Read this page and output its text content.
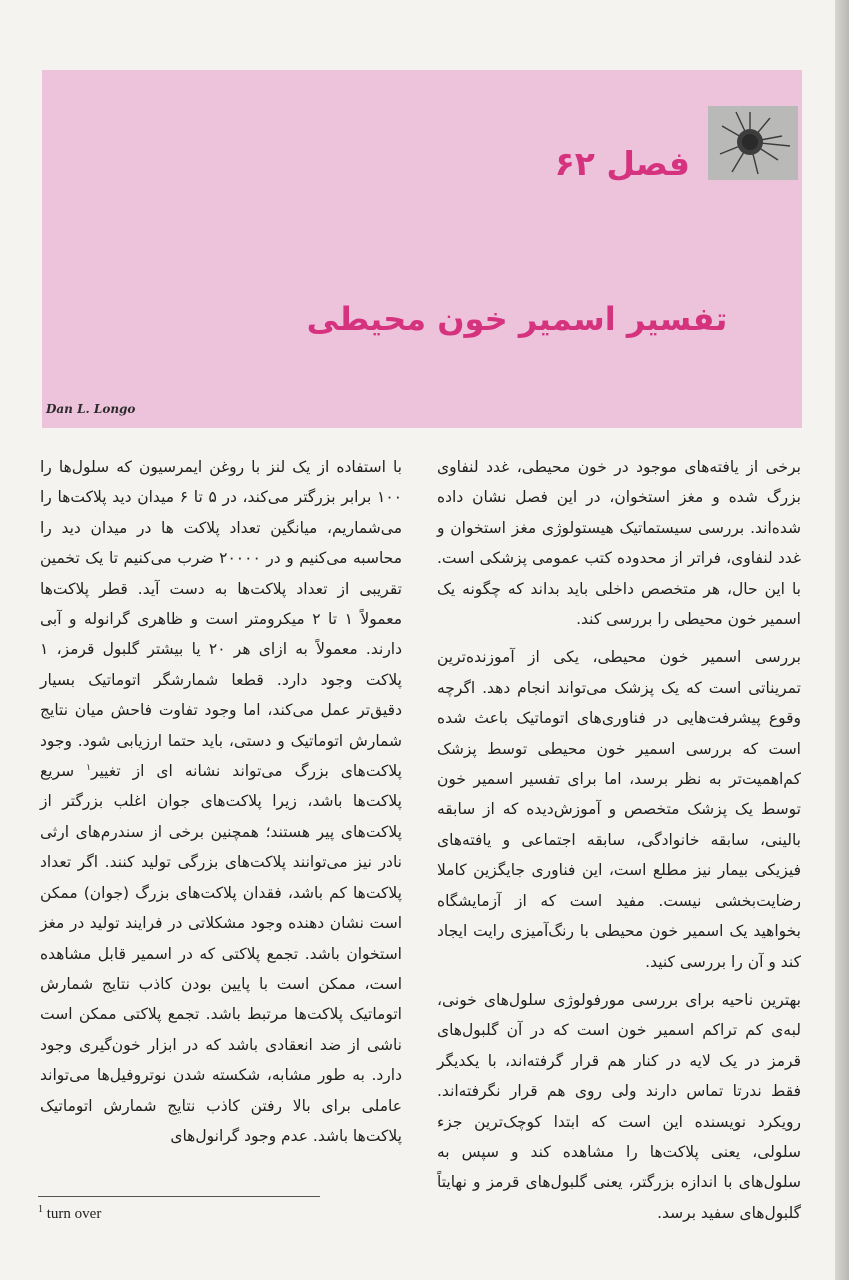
فصل ۶۲
تفسیر اسمیر خون محیطی
Dan L. Longo

برخی از یافته‌های موجود در خون محیطی، غدد لنفاوی بزرگ شده و مغز استخوان، در این فصل نشان داده شده‌اند. بررسی سیستماتیک هیستولوژی مغز استخوان و غدد لنفاوی، فراتر از محدوده کتب عمومی پزشکی است. با این حال، هر متخصص داخلی باید بداند که چگونه یک اسمیر خون محیطی را بررسی کند.

بررسی اسمیر خون محیطی، یکی از آموزنده‌ترین تمریناتی است که یک پزشک می‌تواند انجام دهد. اگرچه وقوع پیشرفت‌هایی در فناوری‌های اتوماتیک باعث شده است که بررسی اسمیر خون محیطی توسط پزشک کم‌اهمیت‌تر به نظر برسد، اما برای تفسیر اسمیر خون توسط یک پزشک متخصص و آموزش‌دیده که از سابقه بالینی، سابقه خانوادگی، سابقه اجتماعی و یافته‌های فیزیکی بیمار نیز مطلع است، این فناوری جایگزین کاملا رضایت‌بخشی نیست. مفید است که از آزمایشگاه بخواهید یک اسمیر خون محیطی با رنگ‌آمیزی رایت ایجاد کند و آن را بررسی کنید.

بهترین ناحیه برای بررسی مورفولوژی سلول‌های خونی، لبه‌ی کم تراکم اسمیر خون است که در آن گلبول‌های قرمز در یک لایه در کنار هم قرار گرفته‌اند، با یکدیگر فقط ندرتا تماس دارند ولی روی هم قرار نگرفته‌اند. رویکرد نویسنده این است که ابتدا کوچک‌ترین جزء سلولی، یعنی پلاکت‌ها را مشاهده کند و سپس به سلول‌های با اندازه بزرگتر، یعنی گلبول‌های قرمز و نهایتاً گلبول‌های سفید برسد.

با استفاده از یک لنز با روغن ایمرسیون که سلول‌ها را ۱۰۰ برابر بزرگتر می‌کند، در ۵ تا ۶ میدان دید پلاکت‌ها را می‌شماریم، میانگین تعداد پلاکت ها در میدان دید را محاسبه می‌کنیم و در ۲۰۰۰۰ ضرب می‌کنیم تا یک تخمین تقریبی از تعداد پلاکت‌ها به دست آید. قطر پلاکت‌ها معمولاً ۱ تا ۲ میکرومتر است و ظاهری گرانوله و آبی دارند. معمولاً به ازای هر ۲۰ یا بیشتر گلبول قرمز، ۱ پلاکت وجود دارد. قطعا شمارشگر اتوماتیک بسیار دقیق‌تر عمل می‌کند، اما وجود تفاوت فاحش میان نتایج شمارش اتوماتیک و دستی، باید حتما ارزیابی شود. وجود پلاکت‌های بزرگ می‌تواند نشانه ای از تغییر$^۱$ سریع پلاکت‌ها باشد، زیرا پلاکت‌های جوان اغلب بزرگتر از پلاکت‌های پیر هستند؛ همچنین برخی از سندرم‌های ارثی نادر نیز می‌توانند پلاکت‌های بزرگی تولید کنند. اگر تعداد پلاکت‌ها کم باشد، فقدان پلاکت‌های بزرگ (جوان) ممکن است نشان دهنده وجود مشکلاتی در فرایند تولید در مغز استخوان باشد. تجمع پلاکتی که در اسمیر قابل مشاهده است، ممکن است با پایین بودن کاذب نتایج شمارش اتوماتیک پلاکت‌ها مرتبط باشد. تجمع پلاکتی ممکن است ناشی از ضد انعقادی باشد که در ابزار خون‌گیری وجود دارد. به طور مشابه، شکسته شدن نوتروفیل‌ها می‌تواند عاملی برای بالا رفتن کاذب نتایج شمارش اتوماتیک پلاکت‌ها باشد. عدم وجود گرانول‌های

$^1$ turn over
